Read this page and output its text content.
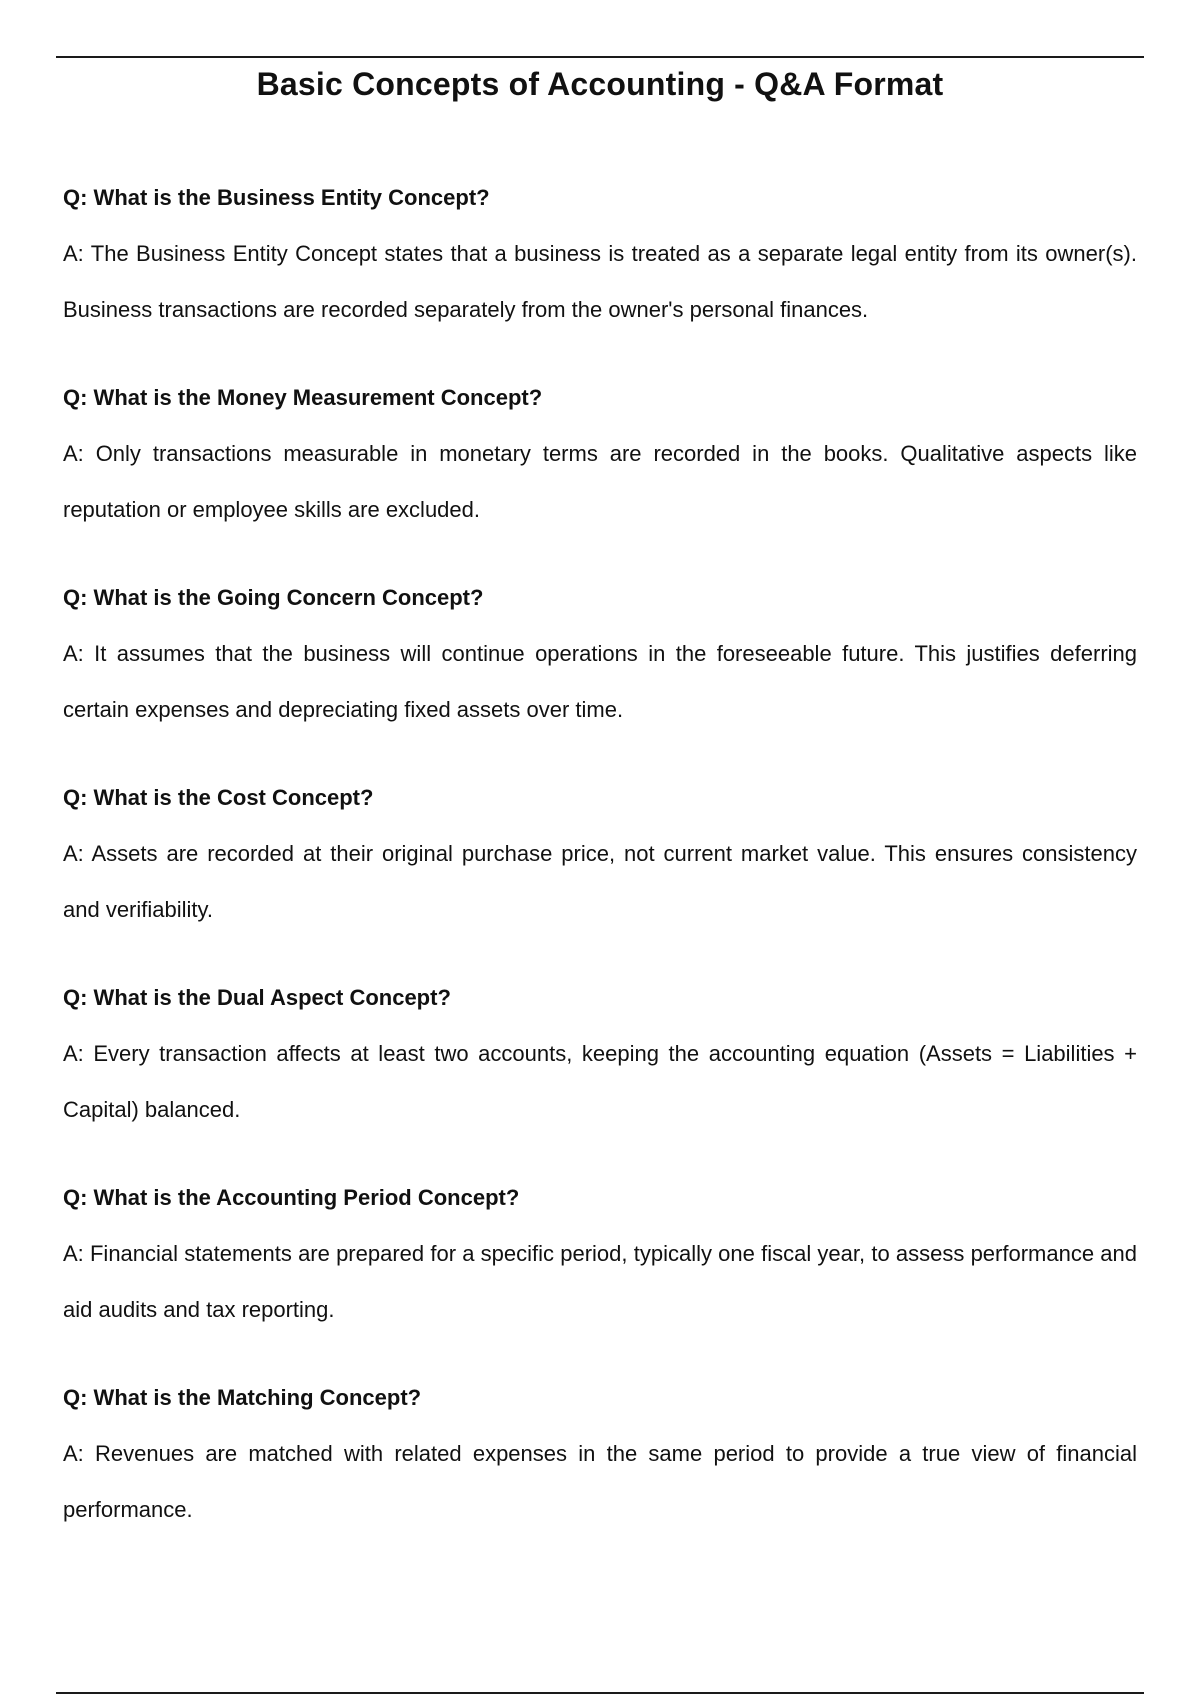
Basic Concepts of Accounting - Q&A Format

Q: What is the Business Entity Concept?

A: The Business Entity Concept states that a business is treated as a separate legal entity from its owner(s). Business transactions are recorded separately from the owner's personal finances.

Q: What is the Money Measurement Concept?

A: Only transactions measurable in monetary terms are recorded in the books. Qualitative aspects like reputation or employee skills are excluded.

Q: What is the Going Concern Concept?

A: It assumes that the business will continue operations in the foreseeable future. This justifies deferring certain expenses and depreciating fixed assets over time.

Q: What is the Cost Concept?

A: Assets are recorded at their original purchase price, not current market value. This ensures consistency and verifiability.

Q: What is the Dual Aspect Concept?

A: Every transaction affects at least two accounts, keeping the accounting equation (Assets = Liabilities + Capital) balanced.

Q: What is the Accounting Period Concept?

A: Financial statements are prepared for a specific period, typically one fiscal year, to assess performance and aid audits and tax reporting.

Q: What is the Matching Concept?

A: Revenues are matched with related expenses in the same period to provide a true view of financial performance.
